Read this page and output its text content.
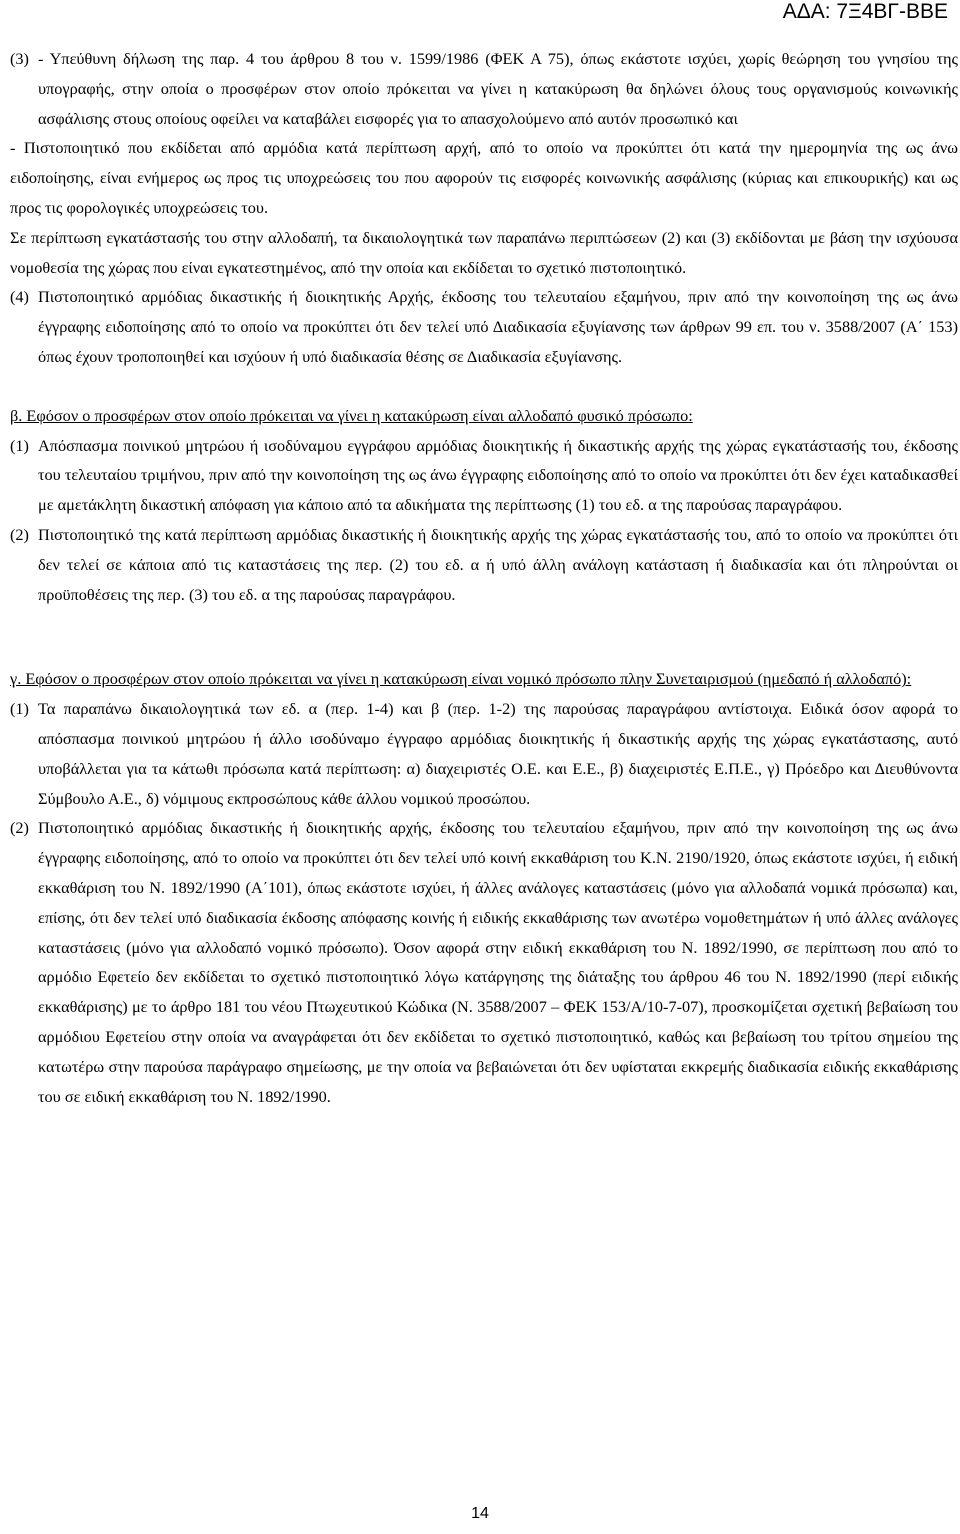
ΑΔΑ: 7Ξ4ΒΓ-ΒΒΕ
(3) - Υπεύθυνη δήλωση της παρ. 4 του άρθρου 8 του ν. 1599/1986 (ΦΕΚ Α 75), όπως εκάστοτε ισχύει, χωρίς θεώρηση του γνησίου της υπογραφής, στην οποία ο προσφέρων στον οποίο πρόκειται να γίνει η κατακύρωση θα δηλώνει όλους τους οργανισμούς κοινωνικής ασφάλισης στους οποίους οφείλει να καταβάλει εισφορές για το απασχολούμενο από αυτόν προσωπικό και

- Πιστοποιητικό που εκδίδεται από αρμόδια κατά περίπτωση αρχή, από το οποίο να προκύπτει ότι κατά την ημερομηνία της ως άνω ειδοποίησης, είναι ενήμερος ως προς τις υποχρεώσεις του που αφορούν τις εισφορές κοινωνικής ασφάλισης (κύριας και επικουρικής) και ως προς τις φορολογικές υποχρεώσεις του.

Σε περίπτωση εγκατάστασής του στην αλλοδαπή, τα δικαιολογητικά των παραπάνω περιπτώσεων (2) και (3) εκδίδονται με βάση την ισχύουσα νομοθεσία της χώρας που είναι εγκατεστημένος, από την οποία και εκδίδεται το σχετικό πιστοποιητικό.

(4) Πιστοποιητικό αρμόδιας δικαστικής ή διοικητικής Αρχής, έκδοσης του τελευταίου εξαμήνου, πριν από την κοινοποίηση της ως άνω έγγραφης ειδοποίησης από το οποίο να προκύπτει ότι δεν τελεί υπό Διαδικασία εξυγίανσης των άρθρων 99 επ. του ν. 3588/2007 (Α΄ 153) όπως έχουν τροποποιηθεί και ισχύουν ή υπό διαδικασία θέσης σε Διαδικασία εξυγίανσης.

β. Εφόσον ο προσφέρων στον οποίο πρόκειται να γίνει η κατακύρωση είναι αλλοδαπό φυσικό πρόσωπο:

(1) Απόσπασμα ποινικού μητρώου ή ισοδύναμου εγγράφου αρμόδιας διοικητικής ή δικαστικής αρχής της χώρας εγκατάστασής του, έκδοσης του τελευταίου τριμήνου, πριν από την κοινοποίηση της ως άνω έγγραφης ειδοποίησης από το οποίο να προκύπτει ότι δεν έχει καταδικασθεί με αμετάκλητη δικαστική απόφαση για κάποιο από τα αδικήματα της περίπτωσης (1) του εδ. α της παρούσας παραγράφου.
(2) Πιστοποιητικό της κατά περίπτωση αρμόδιας δικαστικής ή διοικητικής αρχής της χώρας εγκατάστασής του, από το οποίο να προκύπτει ότι δεν τελεί σε κάποια από τις καταστάσεις της περ. (2) του εδ. α ή υπό άλλη ανάλογη κατάσταση ή διαδικασία και ότι πληρούνται οι προϋποθέσεις της περ. (3) του εδ. α της παρούσας παραγράφου.

γ. Εφόσον ο προσφέρων στον οποίο πρόκειται να γίνει η κατακύρωση είναι νομικό πρόσωπο πλην Συνεταιρισμού (ημεδαπό ή αλλοδαπό):

(1) Τα παραπάνω δικαιολογητικά των εδ. α (περ. 1-4) και β (περ. 1-2) της παρούσας παραγράφου αντίστοιχα. Ειδικά όσον αφορά το απόσπασμα ποινικού μητρώου ή άλλο ισοδύναμο έγγραφο αρμόδιας διοικητικής ή δικαστικής αρχής της χώρας εγκατάστασης, αυτό υποβάλλεται για τα κάτωθι πρόσωπα κατά περίπτωση: α) διαχειριστές Ο.Ε. και Ε.Ε., β) διαχειριστές Ε.Π.Ε., γ) Πρόεδρο και Διευθύνοντα Σύμβουλο Α.Ε., δ) νόμιμους εκπροσώπους κάθε άλλου νομικού προσώπου.
(2) Πιστοποιητικό αρμόδιας δικαστικής ή διοικητικής αρχής, έκδοσης του τελευταίου εξαμήνου, πριν από την κοινοποίηση της ως άνω έγγραφης ειδοποίησης, από το οποίο να προκύπτει ότι δεν τελεί υπό κοινή εκκαθάριση του Κ.Ν. 2190/1920, όπως εκάστοτε ισχύει, ή ειδική εκκαθάριση του Ν. 1892/1990 (Α΄101), όπως εκάστοτε ισχύει, ή άλλες ανάλογες καταστάσεις (μόνο για αλλοδαπά νομικά πρόσωπα) και, επίσης, ότι δεν τελεί υπό διαδικασία έκδοσης απόφασης κοινής ή ειδικής εκκαθάρισης των ανωτέρω νομοθετημάτων ή υπό άλλες ανάλογες καταστάσεις (μόνο για αλλοδαπό νομικό πρόσωπο). Όσον αφορά στην ειδική εκκαθάριση του Ν. 1892/1990, σε περίπτωση που από το αρμόδιο Εφετείο δεν εκδίδεται το σχετικό πιστοποιητικό λόγω κατάργησης της διάταξης του άρθρου 46 του Ν. 1892/1990 (περί ειδικής εκκαθάρισης) με το άρθρο 181 του νέου Πτωχευτικού Κώδικα (Ν. 3588/2007 – ΦΕΚ 153/Α/10-7-07), προσκομίζεται σχετική βεβαίωση του αρμόδιου Εφετείου στην οποία να αναγράφεται ότι δεν εκδίδεται το σχετικό πιστοποιητικό, καθώς και βεβαίωση του τρίτου σημείου της κατωτέρω στην παρούσα παράγραφο σημείωσης, με την οποία να βεβαιώνεται ότι δεν υφίσταται εκκρεμής διαδικασία ειδικής εκκαθάρισης του σε ειδική εκκαθάριση του Ν. 1892/1990.
14
